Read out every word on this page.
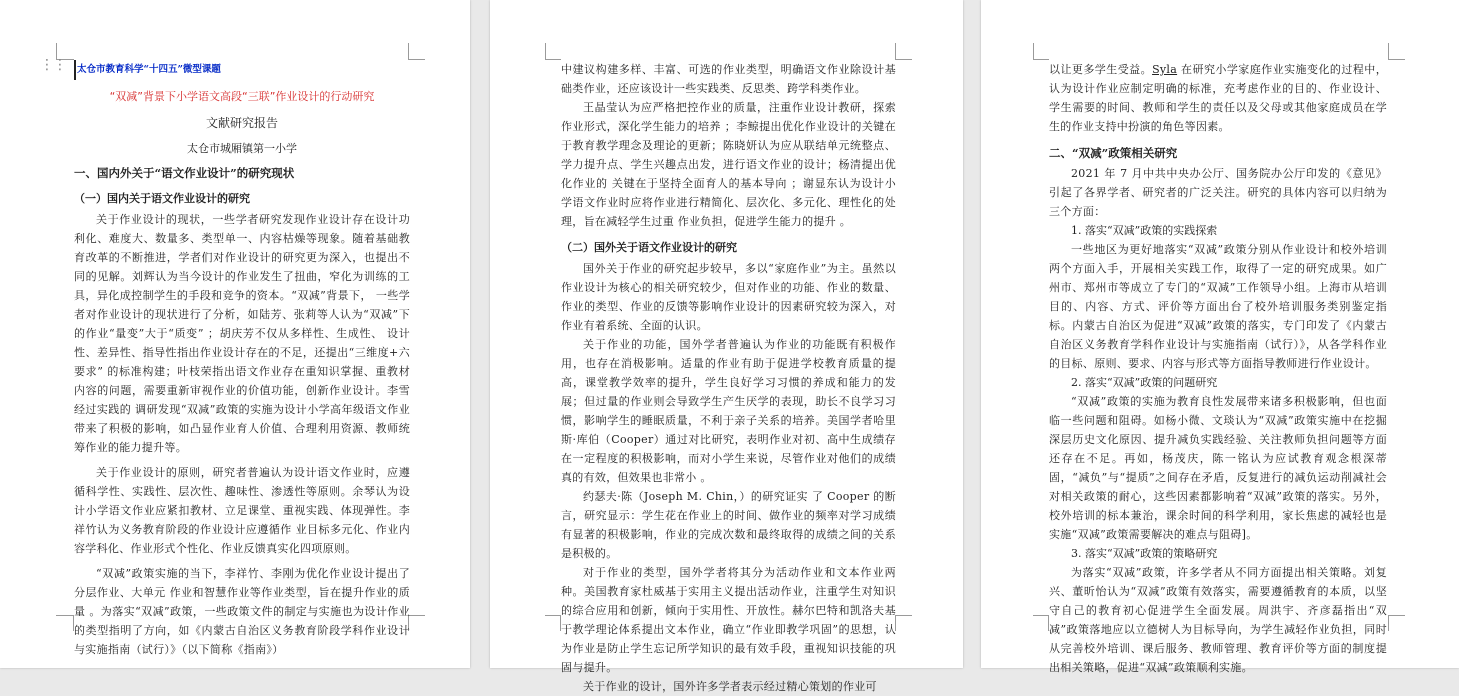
⋮⋮	太仓市教育科学“十四五”微型课题

“双减”背景下小学语文高段“三联”作业设计的行动研究

文献研究报告

太仓市城厢镇第一小学

一、国内外关于“语文作业设计”的研究现状

（一）国内关于语文作业设计的研究

关于作业设计的现状，一些学者研究发现作业设计存在设计功利化、难度大、数量多、类型单一、内容枯燥等现象。随着基础教育改革的不断推进，学者们对作业设计的研究更为深入，也提出不同的见解。刘辉认为当今设计的作业发生了扭曲，窄化为训练的工具，异化成控制学生的手段和竞争的资本。“双减”背景下， 一些学者对作业设计的现状进行了分析，如陆芳、张莉等人认为“双减”下的作业“量变”大于“质变” ；胡庆芳不仅从多样性、生成性、 设计性、差异性、指导性指出作业设计存在的不足，还提出“三维度+六要求” 的标准构建；叶枝荣指出语文作业存在重知识掌握、重教材内容的问题，需要重新审视作业的价值功能，创新作业设计。李雪经过实践的 调研发现“双减”政策的实施为设计小学高年级语文作业带来了积极的影响，如凸显作业育人价值、合理利用资源、教师统筹作业的能力提升等。

关于作业设计的原则，研究者普遍认为设计语文作业时，应遵循科学性、实践性、层次性、趣味性、渗透性等原则。余琴认为设计小学语文作业应紧扣教材、立足课堂、重视实践、体现弹性。李祥竹认为义务教育阶段的作业设计应遵循作 业目标多元化、作业内容学科化、作业形式个性化、作业反馈真实化四项原则。

“双减”政策实施的当下，李祥竹、李刚为优化作业设计提出了分层作业、大单元 作业和智慧作业等作业类型，旨在提升作业的质量 。为落实“双减”政策，一些政策文件的制定与实施也为设计作业的类型指明了方向，如《内蒙古自治区义务教育阶段学科作业设计与实施指南（试行）》（以下简称《指南》）

中建议构建多样、丰富、可选的作业类型，明确语文作业除设计基础类作业，还应该设计一些实践类、反思类、跨学科类作业。

王晶莹认为应严格把控作业的质量，注重作业设计教研，探索作业形式，深化学生能力的培养 ；李鲸提出优化作业设计的关键在于教育教学理念及理论的更新；陈晓妍认为应从联结单元统整点、学力提升点、学生兴趣点出发，进行语文作业的设计；杨清提出优化作业的 关键在于坚持全面育人的基本导向 ；谢显东认为设计小学语文作业时应将作业进行精简化、层次化、多元化、理性化的处理，旨在减轻学生过重 作业负担，促进学生能力的提升 。

（二）国外关于语文作业设计的研究

国外关于作业的研究起步较早，多以“家庭作业”为主。虽然以作业设计为核心的相关研究较少，但对作业的功能、作业的数量、作业的类型、作业的反馈等影响作业设计的因素研究较为深入，对作业有着系统、全面的认识。

关于作业的功能，国外学者普遍认为作业的功能既有积极作用，也存在消极影响。适量的作业有助于促进学校教育质量的提高，课堂教学效率的提升，学生良好学习习惯的养成和能力的发展；但过量的作业则会导致学生产生厌学的表现，助长不良学习习惯，影响学生的睡眠质量，不利于亲子关系的培养。美国学者哈里斯·库伯（Cooper）通过对比研究，表明作业对初、高中生成绩存在一定程度的积极影响，而对小学生来说，尽管作业对他们的成绩真的有效，但效果也非常小 。

约瑟夫·陈（Joseph M. Chin，）的研究证实 了 Cooper 的断言，研究显示：学生花在作业上的时间、做作业的频率对学习成绩有显著的积极影响，作业的完成次数和最终取得的成绩之间的关系是积极的。

对于作业的类型，国外学者将其分为活动作业和文本作业两种。美国教育家杜威基于实用主义提出活动作业，注重学生对知识的综合应用和创新，倾向于实用性、开放性。赫尔巴特和凯洛夫基于教学理论体系提出文本作业，确立“作业即教学巩固”的思想，认为作业是防止学生忘记所学知识的最有效手段，重视知识技能的巩固与提升。

关于作业的设计，国外许多学者表示经过精心策划的作业可

以让更多学生受益。Syla 在研究小学家庭作业实施变化的过程中，认为设计作业应制定明确的标准，充考虑作业的目的、作业设计、学生需要的时间、教师和学生的责任以及父母或其他家庭成员在学生的作业支持中扮演的角色等因素。

二、“双减”政策相关研究

2021 年 7 月中共中央办公厅、国务院办公厅印发的《意见》引起了各界学者、研究者的广泛关注。研究的具体内容可以归纳为三个方面：

1. 落实“双减”政策的实践探索

一些地区为更好地落实“双减”政策分别从作业设计和校外培训两个方面入手，开展相关实践工作，取得了一定的研究成果。如广州市、郑州市等成立了专门的“双减”工作领导小组。上海市从培训目的、内容、方式、评价等方面出台了校外培训服务类别鉴定指标。内蒙古自治区为促进“双减”政策的落实，专门印发了《内蒙古自治区义务教育学科作业设计与实施指南（试行）》，从各学科作业的目标、原则、要求、内容与形式等方面指导教师进行作业设计。

2. 落实“双减”政策的问题研究

“双减”政策的实施为教育良性发展带来诸多积极影响，但也面临一些问题和阻碍。如杨小微、文琰认为“双减”政策实施中在挖掘深层历史文化原因、提升减负实践经验、关注教师负担问题等方面还存在不足。再如，杨茂庆，陈一铭认为应试教育观念根深蒂固，“减负”与“提质”之间存在矛盾，反复进行的减负运动削减社会对相关政策的耐心，这些因素都影响着“双减”政策的落实。另外，校外培训的标本兼治，课余时间的科学利用，家长焦虑的减轻也是实施“双减”政策需要解决的难点与阻碍]。

3. 落实“双减”政策的策略研究

为落实“双减”政策，许多学者从不同方面提出相关策略。刘复兴、董昕怡认为“双减”政策有效落实，需要遵循教育的本质，以坚守自己的教育初心促进学生全面发展。周洪宇、齐彦磊指出“双减”政策落地应以立德树人为目标导向，为学生减轻作业负担，同时从完善校外培训、课后服务、教师管理、教育评价等方面的制度提出相关策略，促进“双减”政策顺利实施。
